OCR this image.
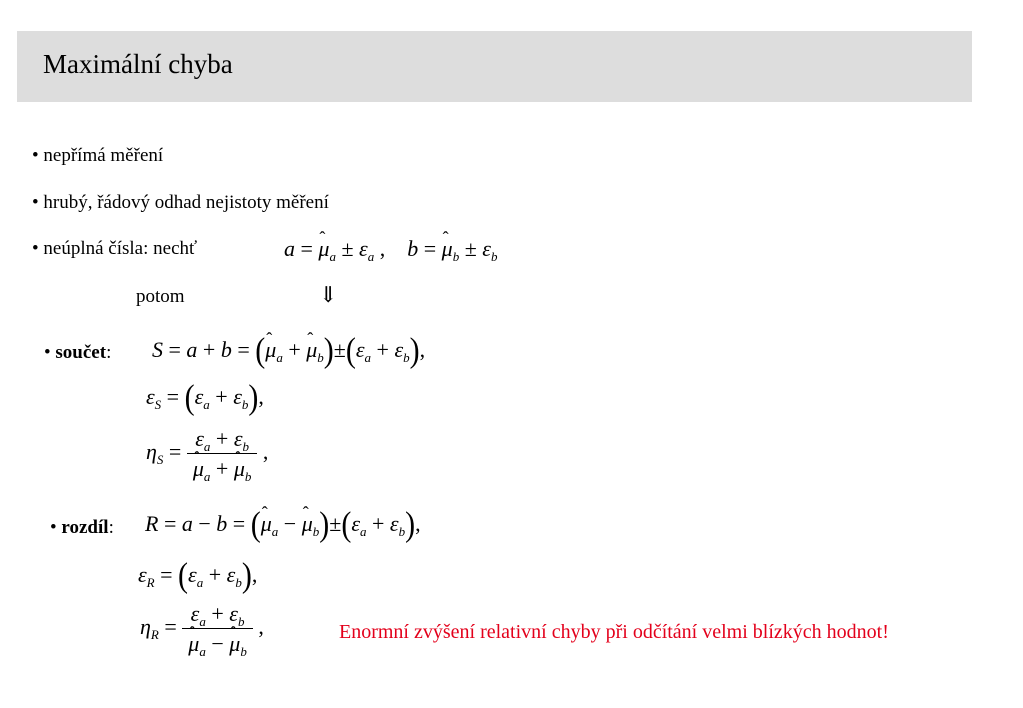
Maximální chyba
• nepřímá měření
• hrubý, řádový odhad nejistoty měření
• neúplná čísla: nechť	a = ˆ $\mu_a \pm \varepsilon_a$ ,    b = ˆ $\mu_b \pm \varepsilon_b$
potom	⇓
• součet: S = a + b = (ˆ $\mu_a$ + ˆ $\mu_b)\pm(\varepsilon_a + \varepsilon_b)$,
$\varepsilon_S = (\varepsilon_a + \varepsilon_b)$,
$\eta_S = \varepsilon_a + \varepsilon_b$
ˆ $\mu_a$ + ˆ $\mu_b$ ,
• rozdíl: R = a − b = (ˆ $\mu_a$ − ˆ $\mu_b)\pm(\varepsilon_a + \varepsilon_b)$,
$\varepsilon_R = (\varepsilon_a + \varepsilon_b)$,
$\eta_R = \varepsilon_a + \varepsilon_b$
ˆ $\mu_a$ − ˆ $\mu_b$ ,	Enormní zvýšení relativní chyby při odčítání velmi blízkých hodnot!
